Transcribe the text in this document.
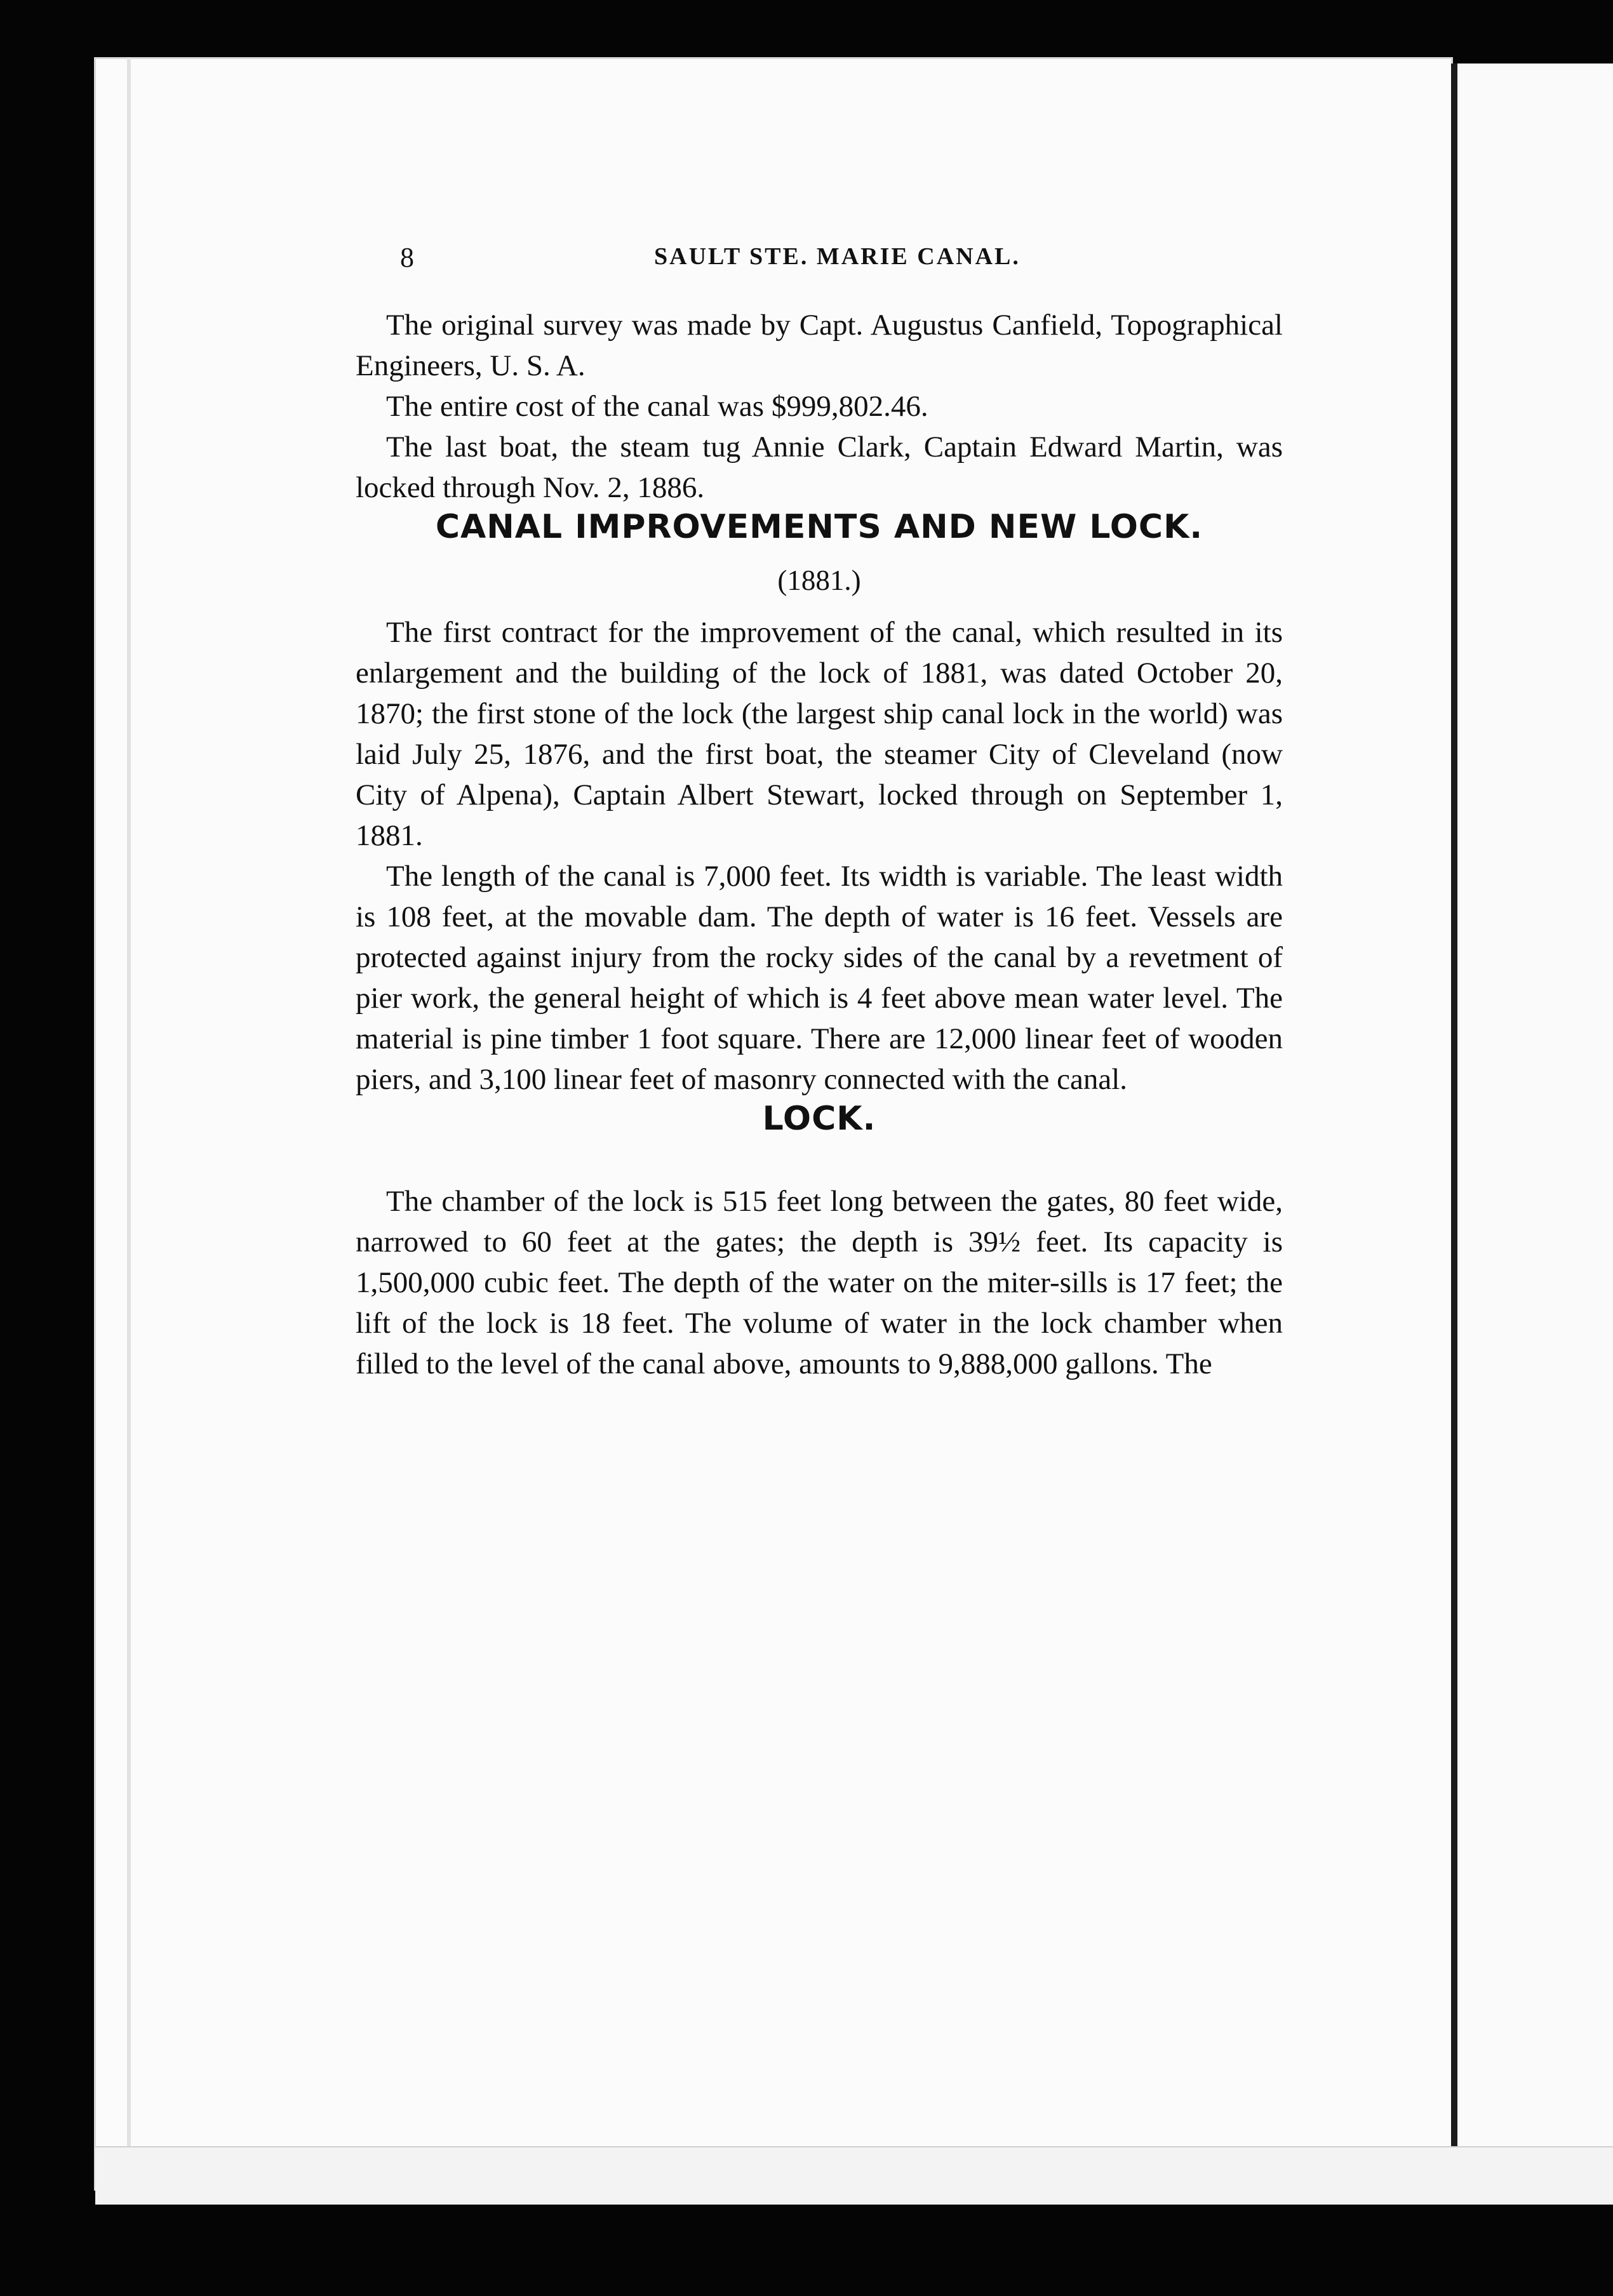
8	SAULT STE. MARIE CANAL.

The original survey was made by Capt. Augustus Canfield, Topographical Engineers, U. S. A.

The entire cost of the canal was $999,802.46.

The last boat, the steam tug Annie Clark, Captain Edward Martin, was locked through Nov. 2, 1886.

CANAL IMPROVEMENTS AND NEW LOCK.
(1881.)

The first contract for the improvement of the canal, which resulted in its enlargement and the building of the lock of 1881, was dated October 20, 1870; the first stone of the lock (the largest ship canal lock in the world) was laid July 25, 1876, and the first boat, the steamer City of Cleveland (now City of Alpena), Captain Albert Stewart, locked through on September 1, 1881.

The length of the canal is 7,000 feet. Its width is variable. The least width is 108 feet, at the movable dam. The depth of water is 16 feet. Vessels are protected against injury from the rocky sides of the canal by a revetment of pier work, the general height of which is 4 feet above mean water level. The material is pine timber 1 foot square. There are 12,000 linear feet of wooden piers, and 3,100 linear feet of masonry connected with the canal.

LOCK.

The chamber of the lock is 515 feet long between the gates, 80 feet wide, narrowed to 60 feet at the gates; the depth is 39½ feet. Its capacity is 1,500,000 cubic feet. The depth of the water on the miter-sills is 17 feet; the lift of the lock is 18 feet. The volume of water in the lock chamber when filled to the level of the canal above, amounts to 9,888,000 gallons. The
